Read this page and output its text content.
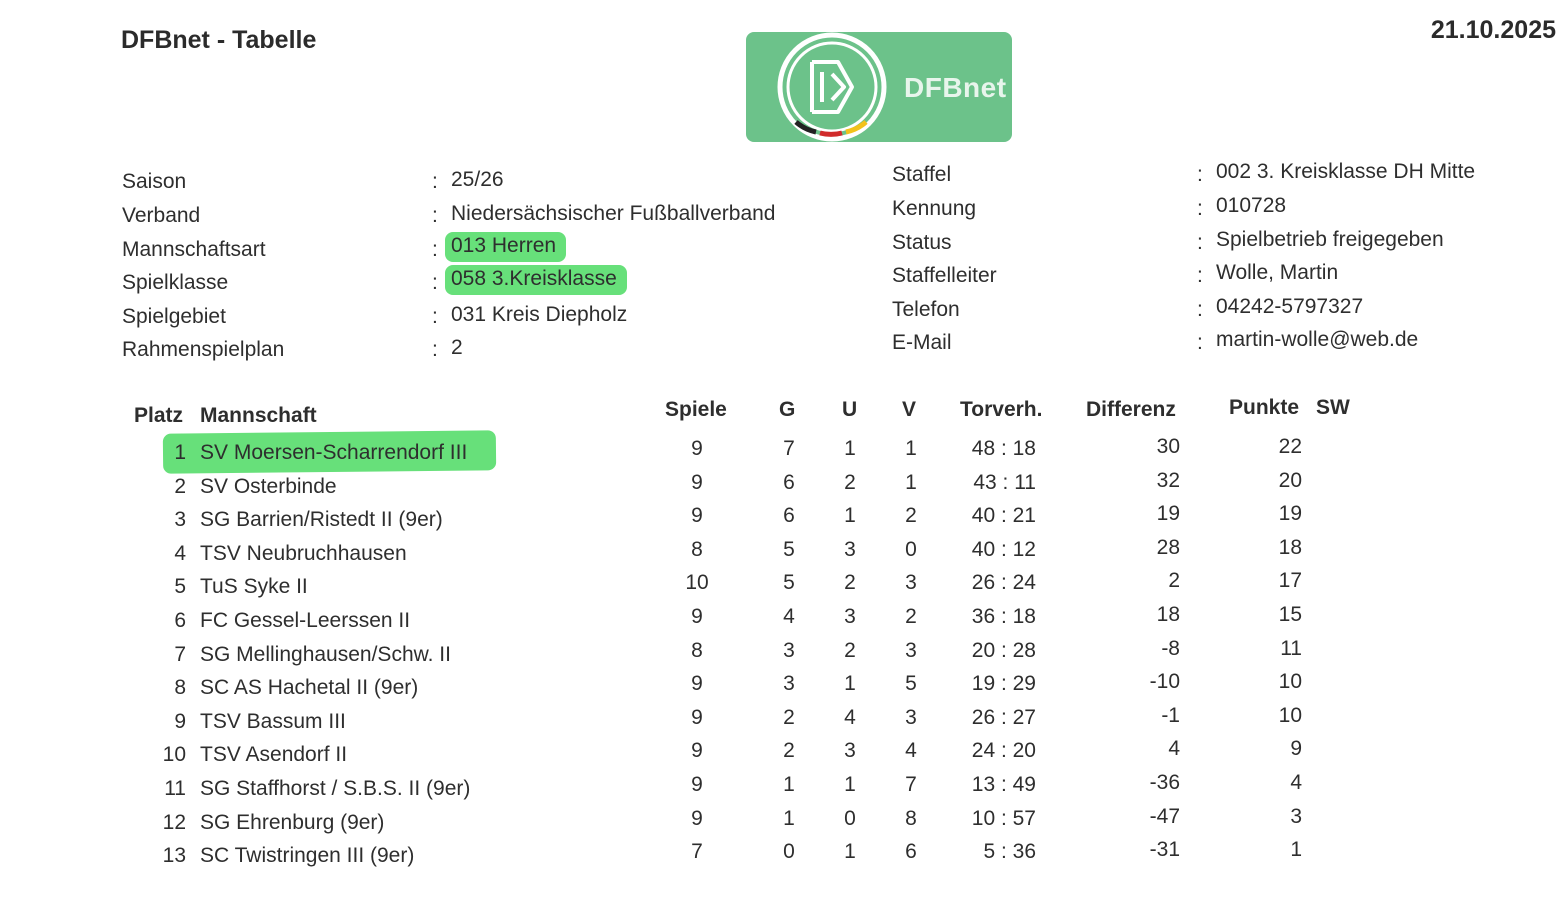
DFBnet - Tabelle	21.10.2025
DFBnet
Saison	: 25/26
Verband	: Niedersächsischer Fußballverband
Mannschaftsart	: 013 Herren
Spielklasse	: 058 3.Kreisklasse
Spielgebiet	: 031 Kreis Diepholz
Rahmenspielplan	: 2
Staffel	: 002 3. Kreisklasse DH Mitte
Kennung	: 010728
Status	: Spielbetrieb freigegeben
Staffelleiter	: Wolle, Martin
Telefon	: 04242-5797327
E-Mail	: martin-wolle@web.de
Platz Mannschaft	Spiele G U V Torverh. Differenz	Punkte SW
1 SV Moersen-Scharrendorf III	9	7	1	1	48 : 18	30	22
2 SV Osterbinde	9	6	2	1	43 : 11	32	20
3 SG Barrien/Ristedt II (9er)	9	6	1	2	40 : 21	19	19
4 TSV Neubruchhausen	8	5	3	0	40 : 12	28	18
5 TuS Syke II	10	5	2	3	26 : 24	2	17
6 FC Gessel-Leerssen II	9	4	3	2	36 : 18	18	15
7 SG Mellinghausen/Schw. II	8	3	2	3	20 : 28	-8	11
8 SC AS Hachetal II (9er)	9	3	1	5	19 : 29	-10	10
9 TSV Bassum III	9	2	4	3	26 : 27	-1	10
10 TSV Asendorf II	9	2	3	4	24 : 20	4	9
11 SG Staffhorst / S.B.S. II (9er)	9	1	1	7	13 : 49	-36	4
12 SG Ehrenburg (9er)	9	1	0	8	10 : 57	-47	3
13 SC Twistringen III (9er)	7	0	1	6	5 : 36	-31	1
